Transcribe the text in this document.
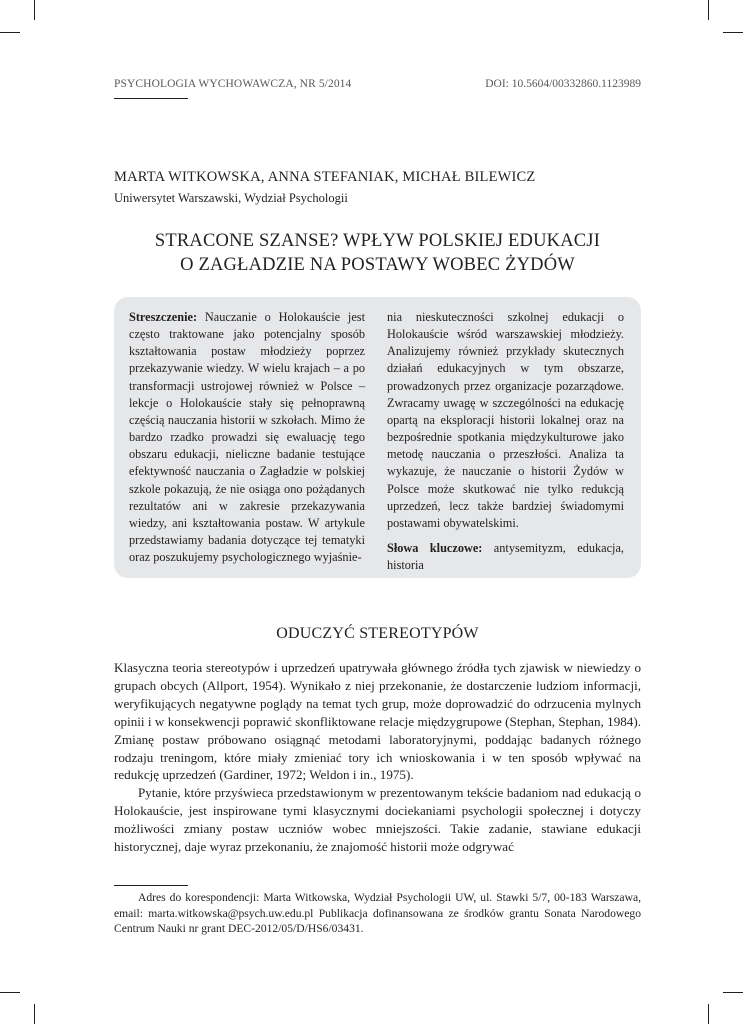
PSYCHOLOGIA WYCHOWAWCZA, NR 5/2014	DOI: 10.5604/00332860.1123989
MARTA WITKOWSKA, ANNA STEFANIAK, MICHAŁ BILEWICZ
Uniwersytet Warszawski, Wydział Psychologii
STRACONE SZANSE? WPŁYW POLSKIEJ EDUKACJI
O ZAGŁADZIE NA POSTAWY WOBEC ŻYDÓW

Streszczenie: Nauczanie o Holokauście jest często traktowane jako potencjalny sposób kształtowania postaw młodzieży poprzez przekazywanie wiedzy. W wielu krajach – a po transformacji ustrojowej również w Polsce – lekcje o Holokauście stały się pełnoprawną częścią nauczania historii w szkołach. Mimo że bardzo rzadko prowadzi się ewaluację tego obszaru edukacji, nieliczne badanie testujące efektywność nauczania o Zagładzie w polskiej szkole pokazują, że nie osiąga ono pożądanych rezultatów ani w zakresie przekazywania wiedzy, ani kształtowania postaw. W artykule przedstawiamy badania dotyczące tej tematyki oraz poszukujemy psychologicznego wyjaśnie-

nia nieskuteczności szkolnej edukacji o Holokauście wśród warszawskiej młodzieży. Analizujemy również przykłady skutecznych działań edukacyjnych w tym obszarze, prowadzonych przez organizacje pozarządowe. Zwracamy uwagę w szczególności na edukację opartą na eksploracji historii lokalnej oraz na bezpośrednie spotkania międzykulturowe jako metodę nauczania o przeszłości. Analiza ta wykazuje, że nauczanie o historii Żydów w Polsce może skutkować nie tylko redukcją uprzedzeń, lecz także bardziej świadomymi postawami obywatelskimi.

Słowa kluczowe: antysemityzm, edukacja, historia

ODUCZYĆ STEREOTYPÓW

Klasyczna teoria stereotypów i uprzedzeń upatrywała głównego źródła tych zjawisk w niewiedzy o grupach obcych (Allport, 1954). Wynikało z niej przekonanie, że dostarczenie ludziom informacji, weryfikujących negatywne poglądy na temat tych grup, może doprowadzić do odrzucenia mylnych opinii i w konsekwencji poprawić skonfliktowane relacje międzygrupowe (Stephan, Stephan, 1984). Zmianę postaw próbowano osiągnąć metodami laboratoryjnymi, poddając badanych różnego rodzaju treningom, które miały zmieniać tory ich wnioskowania i w ten sposób wpływać na redukcję uprzedzeń (Gardiner, 1972; Weldon i in., 1975).

Pytanie, które przyświeca przedstawionym w prezentowanym tekście badaniom nad edukacją o Holokauście, jest inspirowane tymi klasycznymi dociekaniami psychologii społecznej i dotyczy możliwości zmiany postaw uczniów wobec mniejszości. Takie zadanie, stawiane edukacji historycznej, daje wyraz przekonaniu, że znajomość historii może odgrywać

Adres do korespondencji: Marta Witkowska, Wydział Psychologii UW, ul. Stawki 5/7, 00-183 Warszawa, email: marta.witkowska@psych.uw.edu.pl Publikacja dofinansowana ze środków grantu Sonata Narodowego Centrum Nauki nr grant DEC-2012/05/D/HS6/03431.
